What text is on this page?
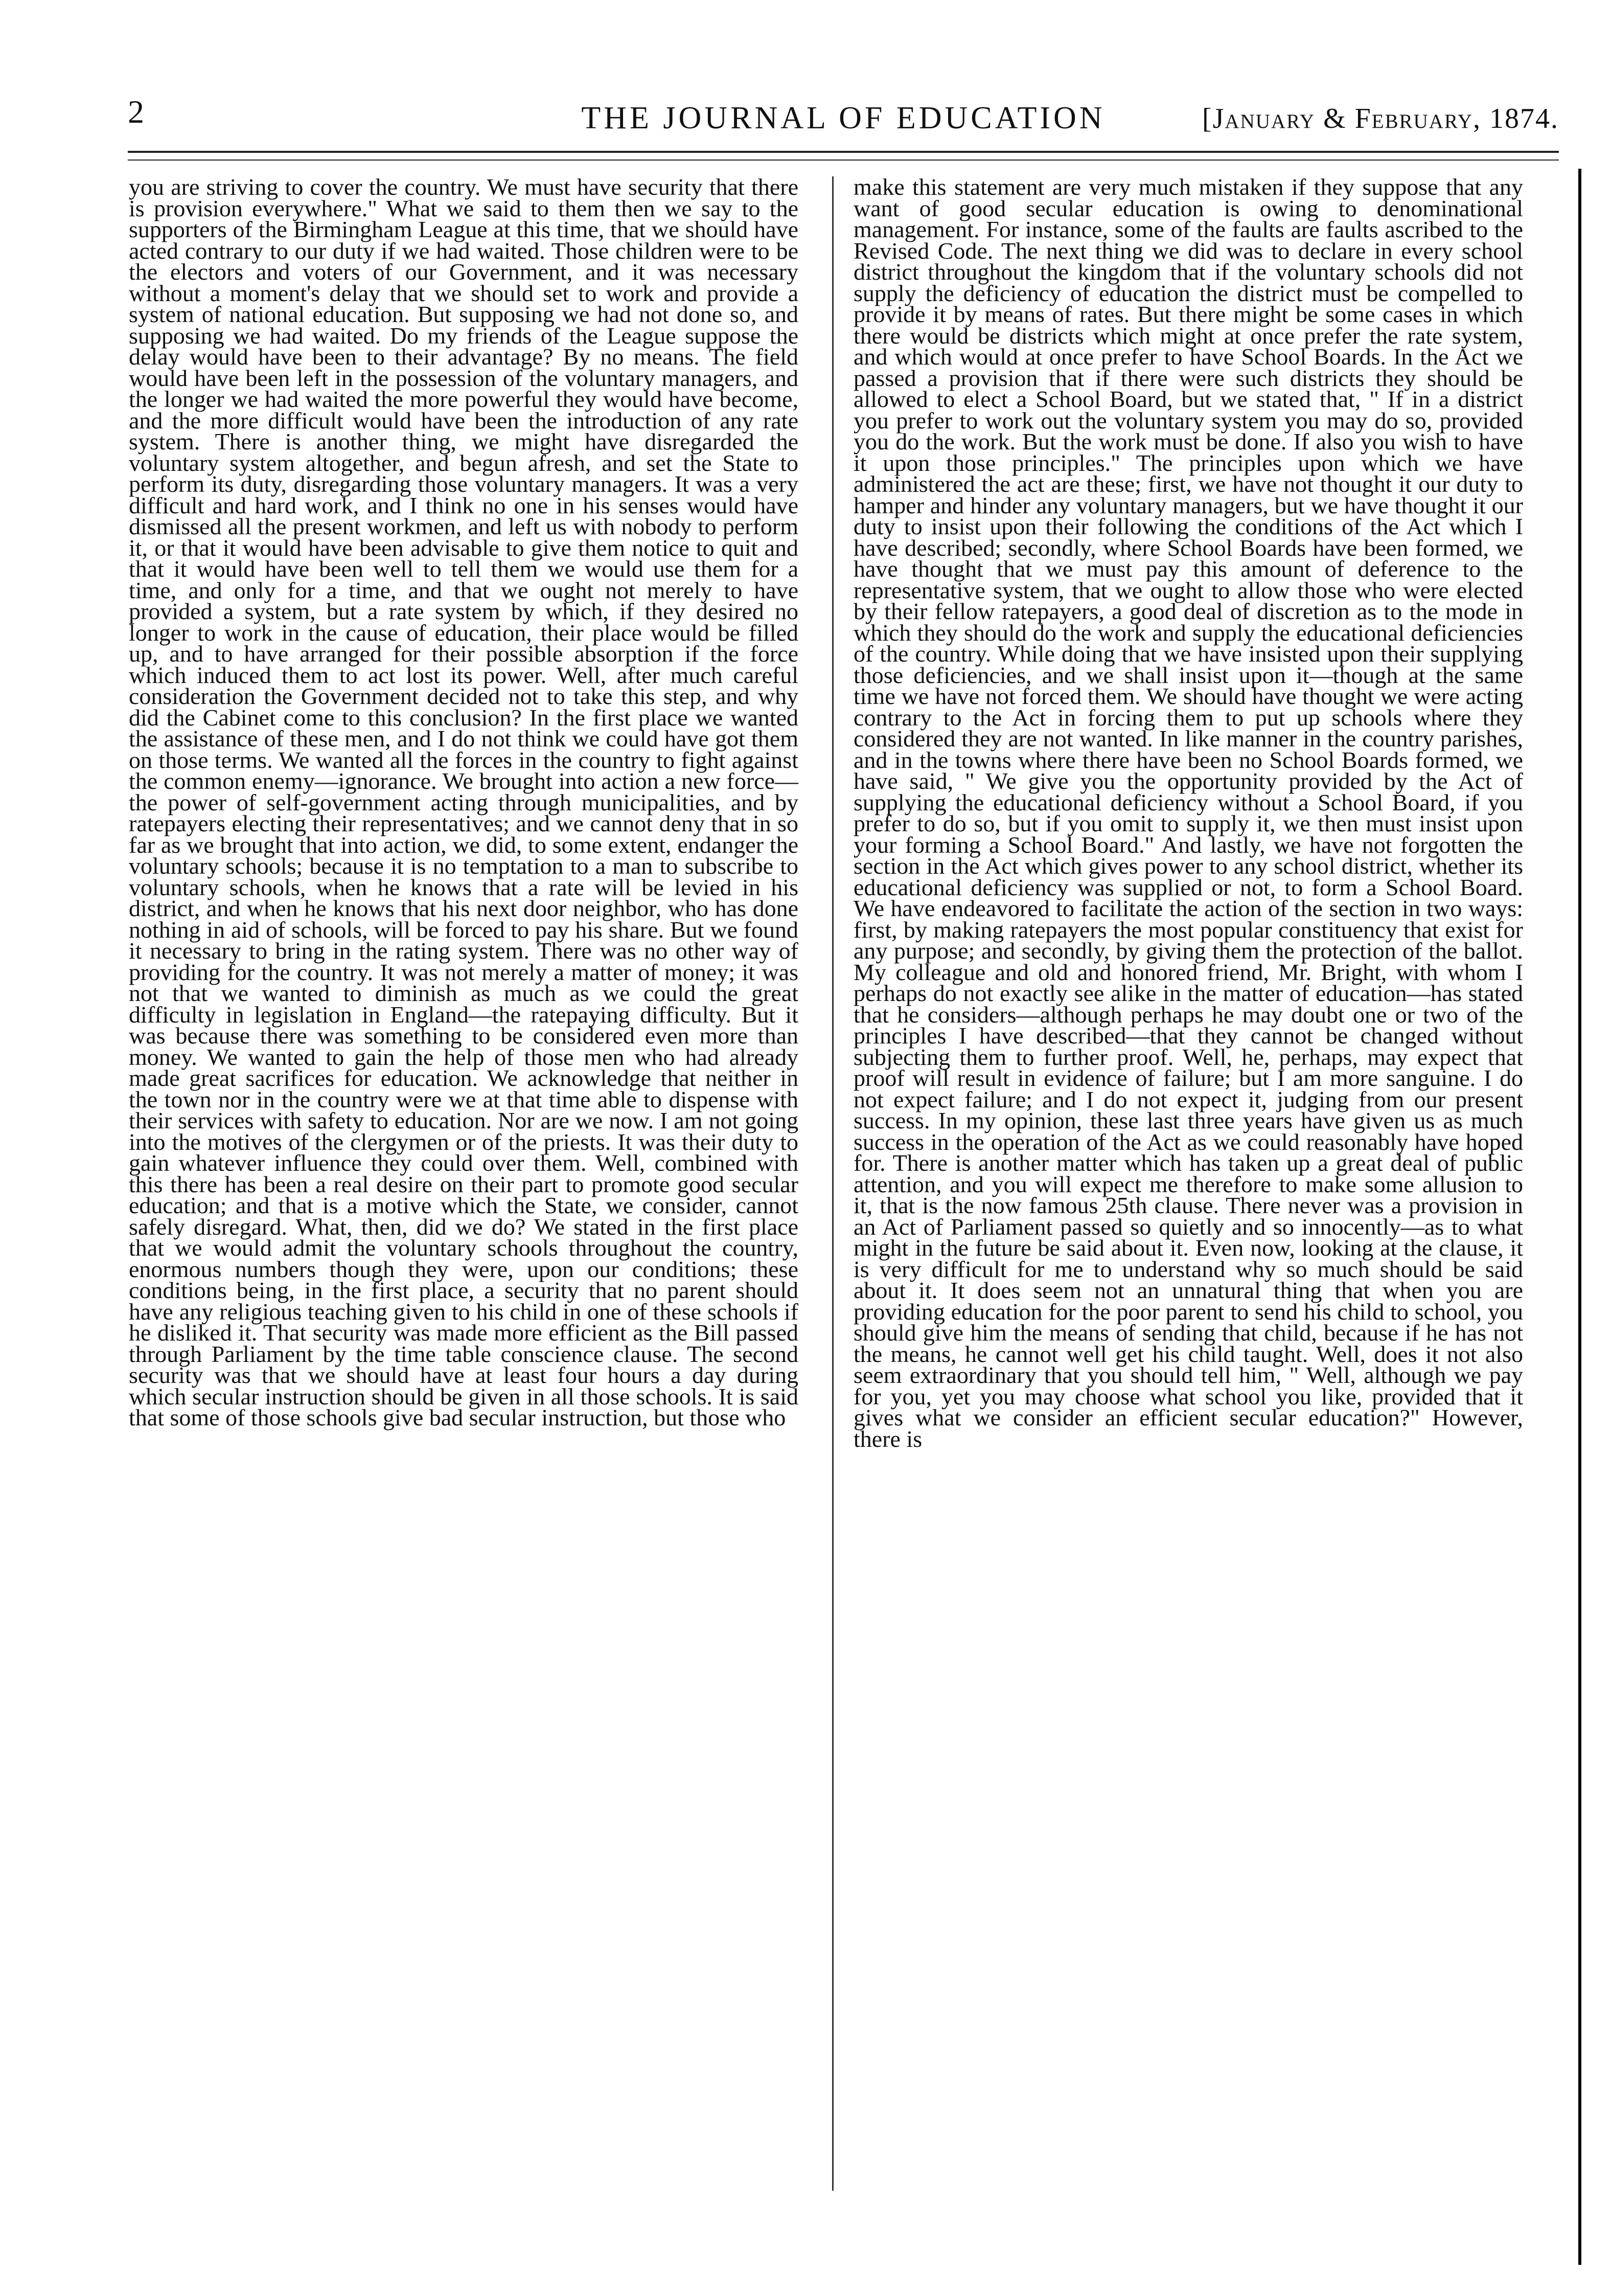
2	THE JOURNAL OF EDUCATION	[January & February, 1874.

you are striving to cover the country. We must have security that there is provision everywhere." What we said to them then we say to the supporters of the Birmingham League at this time, that we should have acted contrary to our duty if we had waited. Those children were to be the electors and voters of our Government, and it was necessary without a moment's delay that we should set to work and provide a system of national education. But supposing we had not done so, and supposing we had waited. Do my friends of the League suppose the delay would have been to their advantage? By no means. The field would have been left in the possession of the voluntary managers, and the longer we had waited the more powerful they would have become, and the more difficult would have been the introduction of any rate system. There is another thing, we might have disregarded the voluntary system altogether, and begun afresh, and set the State to perform its duty, disregarding those voluntary managers. It was a very difficult and hard work, and I think no one in his senses would have dismissed all the present workmen, and left us with nobody to perform it, or that it would have been advisable to give them notice to quit and that it would have been well to tell them we would use them for a time, and only for a time, and that we ought not merely to have provided a system, but a rate system by which, if they desired no longer to work in the cause of education, their place would be filled up, and to have arranged for their possible absorption if the force which induced them to act lost its power. Well, after much careful consideration the Government decided not to take this step, and why did the Cabinet come to this conclusion? In the first place we wanted the assistance of these men, and I do not think we could have got them on those terms. We wanted all the forces in the country to fight against the common enemy—ignorance. We brought into action a new force—the power of self-government acting through municipalities, and by ratepayers electing their representatives; and we cannot deny that in so far as we brought that into action, we did, to some extent, endanger the voluntary schools; because it is no temptation to a man to subscribe to voluntary schools, when he knows that a rate will be levied in his district, and when he knows that his next door neighbor, who has done nothing in aid of schools, will be forced to pay his share. But we found it necessary to bring in the rating system. There was no other way of providing for the country. It was not merely a matter of money; it was not that we wanted to diminish as much as we could the great difficulty in legislation in England—the ratepaying difficulty. But it was because there was something to be considered even more than money. We wanted to gain the help of those men who had already made great sacrifices for education. We acknowledge that neither in the town nor in the country were we at that time able to dispense with their services with safety to education. Nor are we now. I am not going into the motives of the clergymen or of the priests. It was their duty to gain whatever influence they could over them. Well, combined with this there has been a real desire on their part to promote good secular education; and that is a motive which the State, we consider, cannot safely disregard. What, then, did we do? We stated in the first place that we would admit the voluntary schools throughout the country, enormous numbers though they were, upon our conditions; these conditions being, in the first place, a security that no parent should have any religious teaching given to his child in one of these schools if he disliked it. That security was made more efficient as the Bill passed through Parliament by the time table conscience clause. The second security was that we should have at least four hours a day during which secular instruction should be given in all those schools. It is said that some of those schools give bad secular instruction, but those who

make this statement are very much mistaken if they suppose that any want of good secular education is owing to denominational management. For instance, some of the faults are faults ascribed to the Revised Code. The next thing we did was to declare in every school district throughout the kingdom that if the voluntary schools did not supply the deficiency of education the district must be compelled to provide it by means of rates. But there might be some cases in which there would be districts which might at once prefer the rate system, and which would at once prefer to have School Boards. In the Act we passed a provision that if there were such districts they should be allowed to elect a School Board, but we stated that, " If in a district you prefer to work out the voluntary system you may do so, provided you do the work. But the work must be done. If also you wish to have it upon those principles." The principles upon which we have administered the act are these; first, we have not thought it our duty to hamper and hinder any voluntary managers, but we have thought it our duty to insist upon their following the conditions of the Act which I have described; secondly, where School Boards have been formed, we have thought that we must pay this amount of deference to the representative system, that we ought to allow those who were elected by their fellow ratepayers, a good deal of discretion as to the mode in which they should do the work and supply the educational deficiencies of the country. While doing that we have insisted upon their supplying those deficiencies, and we shall insist upon it—though at the same time we have not forced them. We should have thought we were acting contrary to the Act in forcing them to put up schools where they considered they are not wanted. In like manner in the country parishes, and in the towns where there have been no School Boards formed, we have said, " We give you the opportunity provided by the Act of supplying the educational deficiency without a School Board, if you prefer to do so, but if you omit to supply it, we then must insist upon your forming a School Board." And lastly, we have not forgotten the section in the Act which gives power to any school district, whether its educational deficiency was supplied or not, to form a School Board. We have endeavored to facilitate the action of the section in two ways: first, by making ratepayers the most popular constituency that exist for any purpose; and secondly, by giving them the protection of the ballot. My colleague and old and honored friend, Mr. Bright, with whom I perhaps do not exactly see alike in the matter of education—has stated that he considers—although perhaps he may doubt one or two of the principles I have described—that they cannot be changed without subjecting them to further proof. Well, he, perhaps, may expect that proof will result in evidence of failure; but I am more sanguine. I do not expect failure; and I do not expect it, judging from our present success. In my opinion, these last three years have given us as much success in the operation of the Act as we could reasonably have hoped for. There is another matter which has taken up a great deal of public attention, and you will expect me therefore to make some allusion to it, that is the now famous 25th clause. There never was a provision in an Act of Parliament passed so quietly and so innocently—as to what might in the future be said about it. Even now, looking at the clause, it is very difficult for me to understand why so much should be said about it. It does seem not an unnatural thing that when you are providing education for the poor parent to send his child to school, you should give him the means of sending that child, because if he has not the means, he cannot well get his child taught. Well, does it not also seem extraordinary that you should tell him, " Well, although we pay for you, yet you may choose what school you like, provided that it gives what we consider an efficient secular education?" However, there is
